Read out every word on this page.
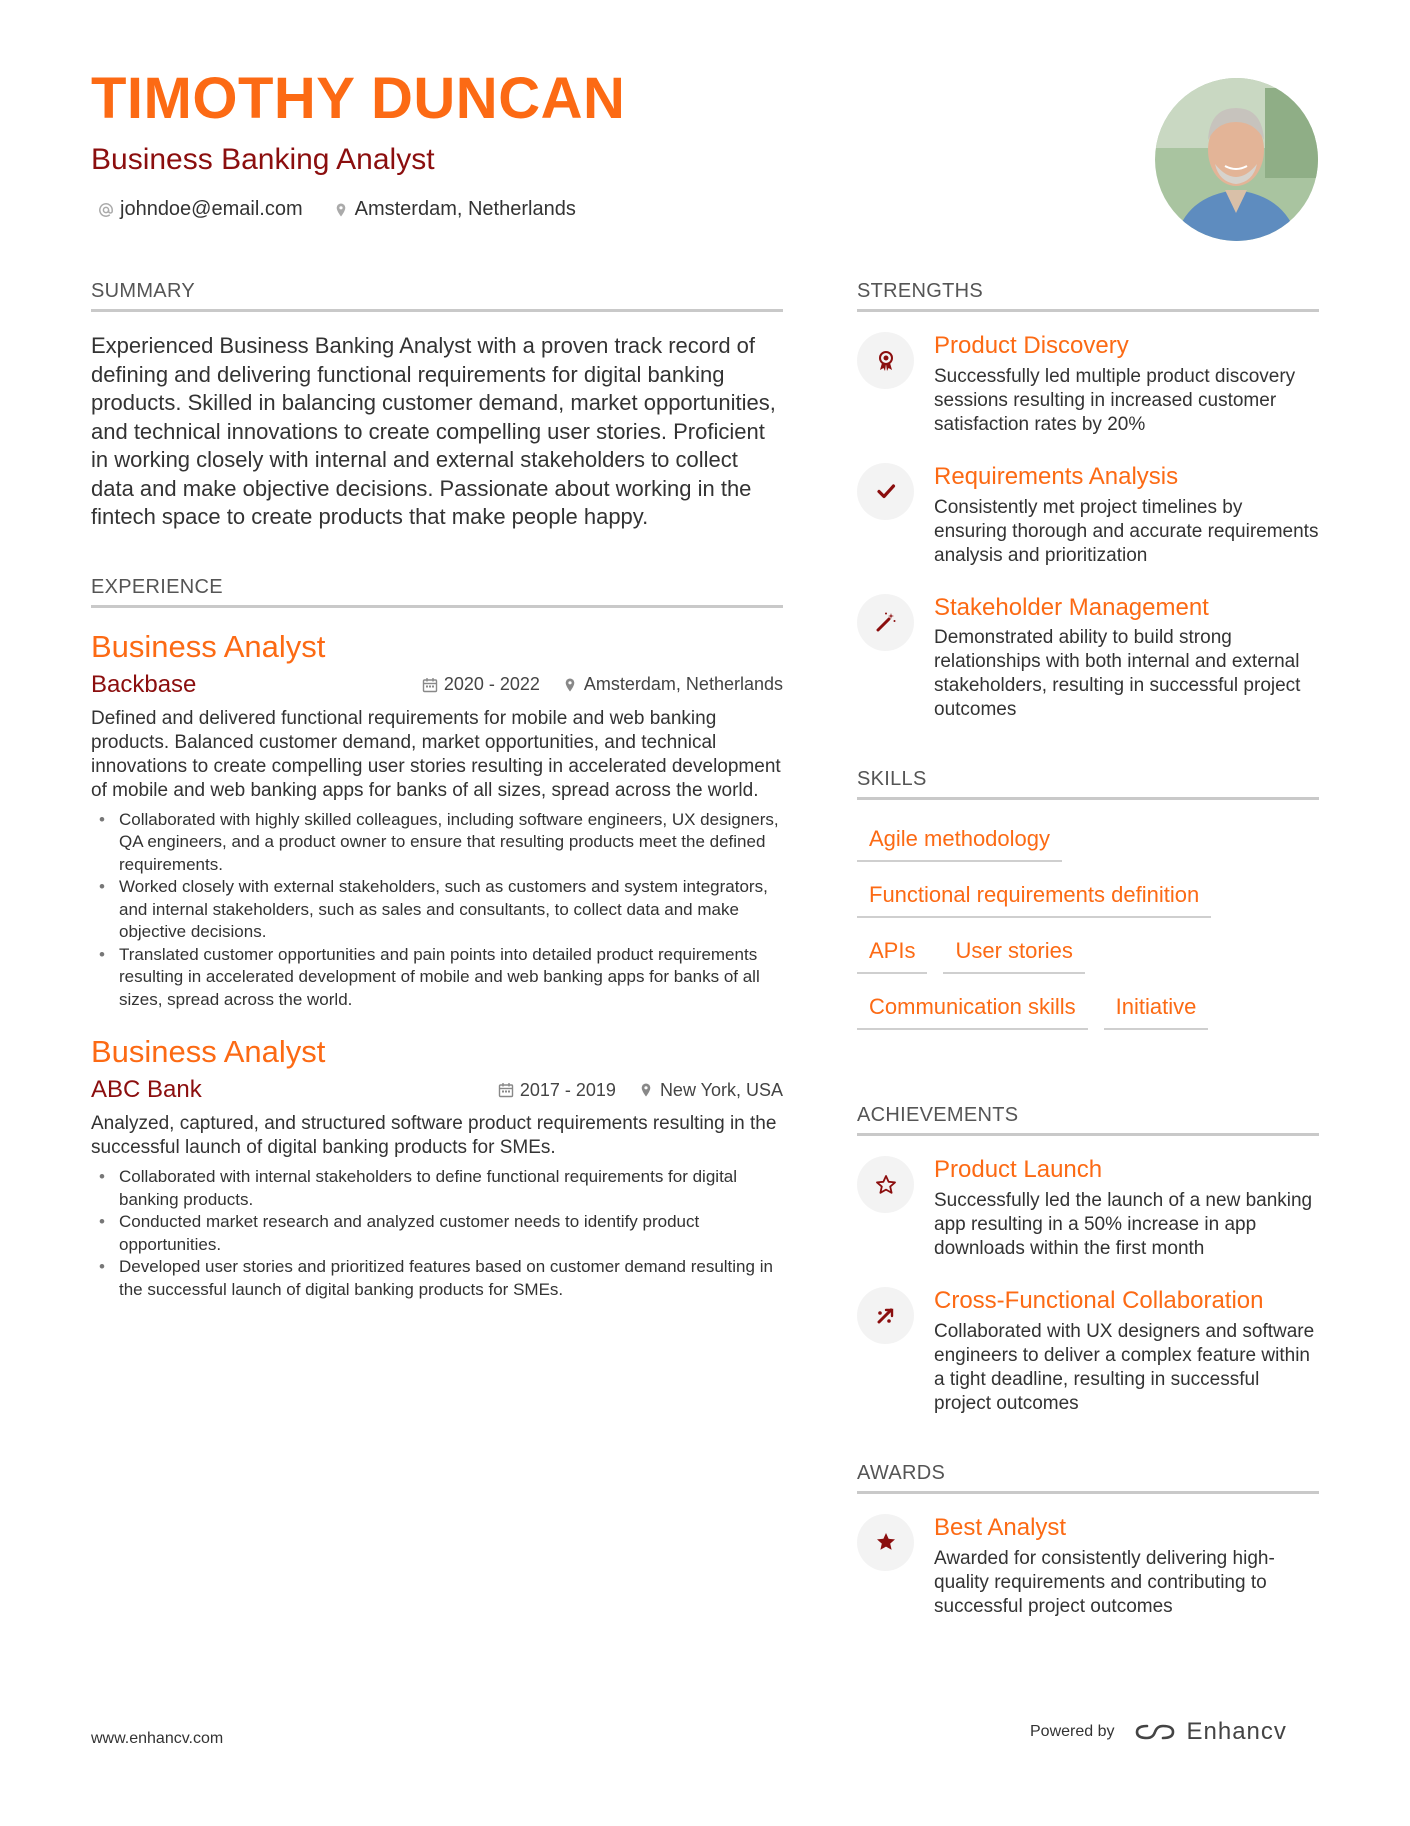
TIMOTHY DUNCAN
Business Banking Analyst
johndoe@email.com	Amsterdam, Netherlands
SUMMARY
Experienced Business Banking Analyst with a proven track record of defining and delivering functional requirements for digital banking products. Skilled in balancing customer demand, market opportunities, and technical innovations to create compelling user stories. Proficient in working closely with internal and external stakeholders to collect data and make objective decisions. Passionate about working in the fintech space to create products that make people happy.
EXPERIENCE
Business Analyst
Backbase	2020 - 2022 Amsterdam, Netherlands
Defined and delivered functional requirements for mobile and web banking products. Balanced customer demand, market opportunities, and technical innovations to create compelling user stories resulting in accelerated development of mobile and web banking apps for banks of all sizes, spread across the world.
• Collaborated with highly skilled colleagues, including software engineers, UX designers, QA engineers, and a product owner to ensure that resulting products meet the defined requirements.
• Worked closely with external stakeholders, such as customers and system integrators, and internal stakeholders, such as sales and consultants, to collect data and make objective decisions.
• Translated customer opportunities and pain points into detailed product requirements resulting in accelerated development of mobile and web banking apps for banks of all sizes, spread across the world.
Business Analyst
ABC Bank	2017 - 2019 New York, USA
Analyzed, captured, and structured software product requirements resulting in the successful launch of digital banking products for SMEs.
• Collaborated with internal stakeholders to define functional requirements for digital banking products.
• Conducted market research and analyzed customer needs to identify product opportunities.
• Developed user stories and prioritized features based on customer demand resulting in the successful launch of digital banking products for SMEs.
STRENGTHS
Product Discovery
Successfully led multiple product discovery sessions resulting in increased customer satisfaction rates by 20%
Requirements Analysis
Consistently met project timelines by ensuring thorough and accurate requirements analysis and prioritization
Stakeholder Management
Demonstrated ability to build strong relationships with both internal and external stakeholders, resulting in successful project outcomes
SKILLS
Agile methodology
Functional requirements definition
APIs	User stories
Communication skills	Initiative
ACHIEVEMENTS
Product Launch
Successfully led the launch of a new banking app resulting in a 50% increase in app downloads within the first month
Cross-Functional Collaboration
Collaborated with UX designers and software engineers to deliver a complex feature within a tight deadline, resulting in successful project outcomes
AWARDS
Best Analyst
Awarded for consistently delivering high-quality requirements and contributing to successful project outcomes
www.enhancv.com	Powered by	Enhancv
